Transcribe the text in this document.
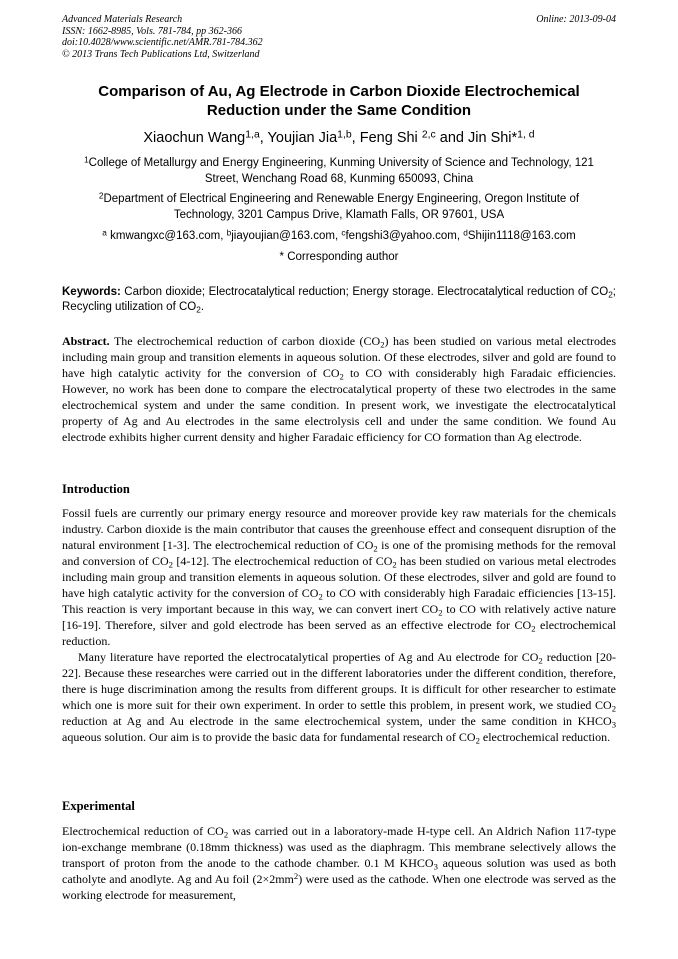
Advanced Materials Research
ISSN: 1662-8985, Vols. 781-784, pp 362-366
doi:10.4028/www.scientific.net/AMR.781-784.362
© 2013 Trans Tech Publications Ltd, Switzerland
Online: 2013-09-04
Comparison of Au, Ag Electrode in Carbon Dioxide Electrochemical
Reduction under the Same Condition
Xiaochun Wang$^{1,a}$, Youjian Jia$^{1,b}$, Feng Shi $^{2,c}$ and Jin Shi*$^{1, d}$
$^1$College of Metallurgy and Energy Engineering, Kunming University of Science and Technology, 121
Street, Wenchang Road 68, Kunming 650093, China
$^2$Department of Electrical Engineering and Renewable Energy Engineering, Oregon Institute of
Technology, 3201 Campus Drive, Klamath Falls, OR 97601, USA
$^a$ kmwangxc@163.com, $^b$jiayoujian@163.com, $^c$fengshi3@yahoo.com, $^d$Shijin1118@163.com
* Corresponding author
Keywords: Carbon dioxide; Electrocatalytical reduction; Energy storage. Electrocatalytical reduction of $CO_2$; Recycling utilization of $CO_2$.

Abstract. The electrochemical reduction of carbon dioxide $(CO_2)$ has been studied on various metal electrodes including main group and transition elements in aqueous solution. Of these electrodes, silver and gold are found to have high catalytic activity for the conversion of $CO_2$ to CO with considerably high Faradaic efficiencies. However, no work has been done to compare the electrocatalytical property of these two electrodes in the same electrochemical system and under the same condition. In present work, we investigate the electrocatalytical property of Ag and Au electrodes in the same electrolysis cell and under the same condition. We found Au electrode exhibits higher current density and higher Faradaic efficiency for CO formation than Ag electrode.

Introduction

Fossil fuels are currently our primary energy resource and moreover provide key raw materials for the chemicals industry. Carbon dioxide is the main contributor that causes the greenhouse effect and consequent disruption of the natural environment [1-3]. The electrochemical reduction of $CO_2$ is one of the promising methods for the removal and conversion of $CO_2$ [4-12]. The electrochemical reduction of $CO_2$ has been studied on various metal electrodes including main group and transition elements in aqueous solution. Of these electrodes, silver and gold are found to have high catalytic activity for the conversion of $CO_2$ to CO with considerably high Faradaic efficiencies [13-15]. This reaction is very important because in this way, we can convert inert $CO_2$ to CO with relatively active nature [16-19]. Therefore, silver and gold electrode has been served as an effective electrode for $CO_2$ electrochemical reduction.

Many literature have reported the electrocatalytical properties of Ag and Au electrode for $CO_2$ reduction [20-22]. Because these researches were carried out in the different laboratories under the different condition, therefore, there is huge discrimination among the results from different groups. It is difficult for other researcher to estimate which one is more suit for their own experiment. In order to settle this problem, in present work, we studied $CO_2$ reduction at Ag and Au electrode in the same electrochemical system, under the same condition in $KHCO_3$ aqueous solution. Our aim is to provide the basic data for fundamental research of $CO_2$ electrochemical reduction.

Experimental

Electrochemical reduction of $CO_2$ was carried out in a laboratory-made H-type cell. An Aldrich Nafion 117-type ion-exchange membrane (0.18mm thickness) was used as the diaphragm. This membrane selectively allows the transport of proton from the anode to the cathode chamber. 0.1 M $KHCO_3$ aqueous solution was used as both catholyte and anodlyte. Ag and Au foil $(2\times 2mm^2)$ were used as the cathode. When one electrode was served as the working electrode for measurement,
